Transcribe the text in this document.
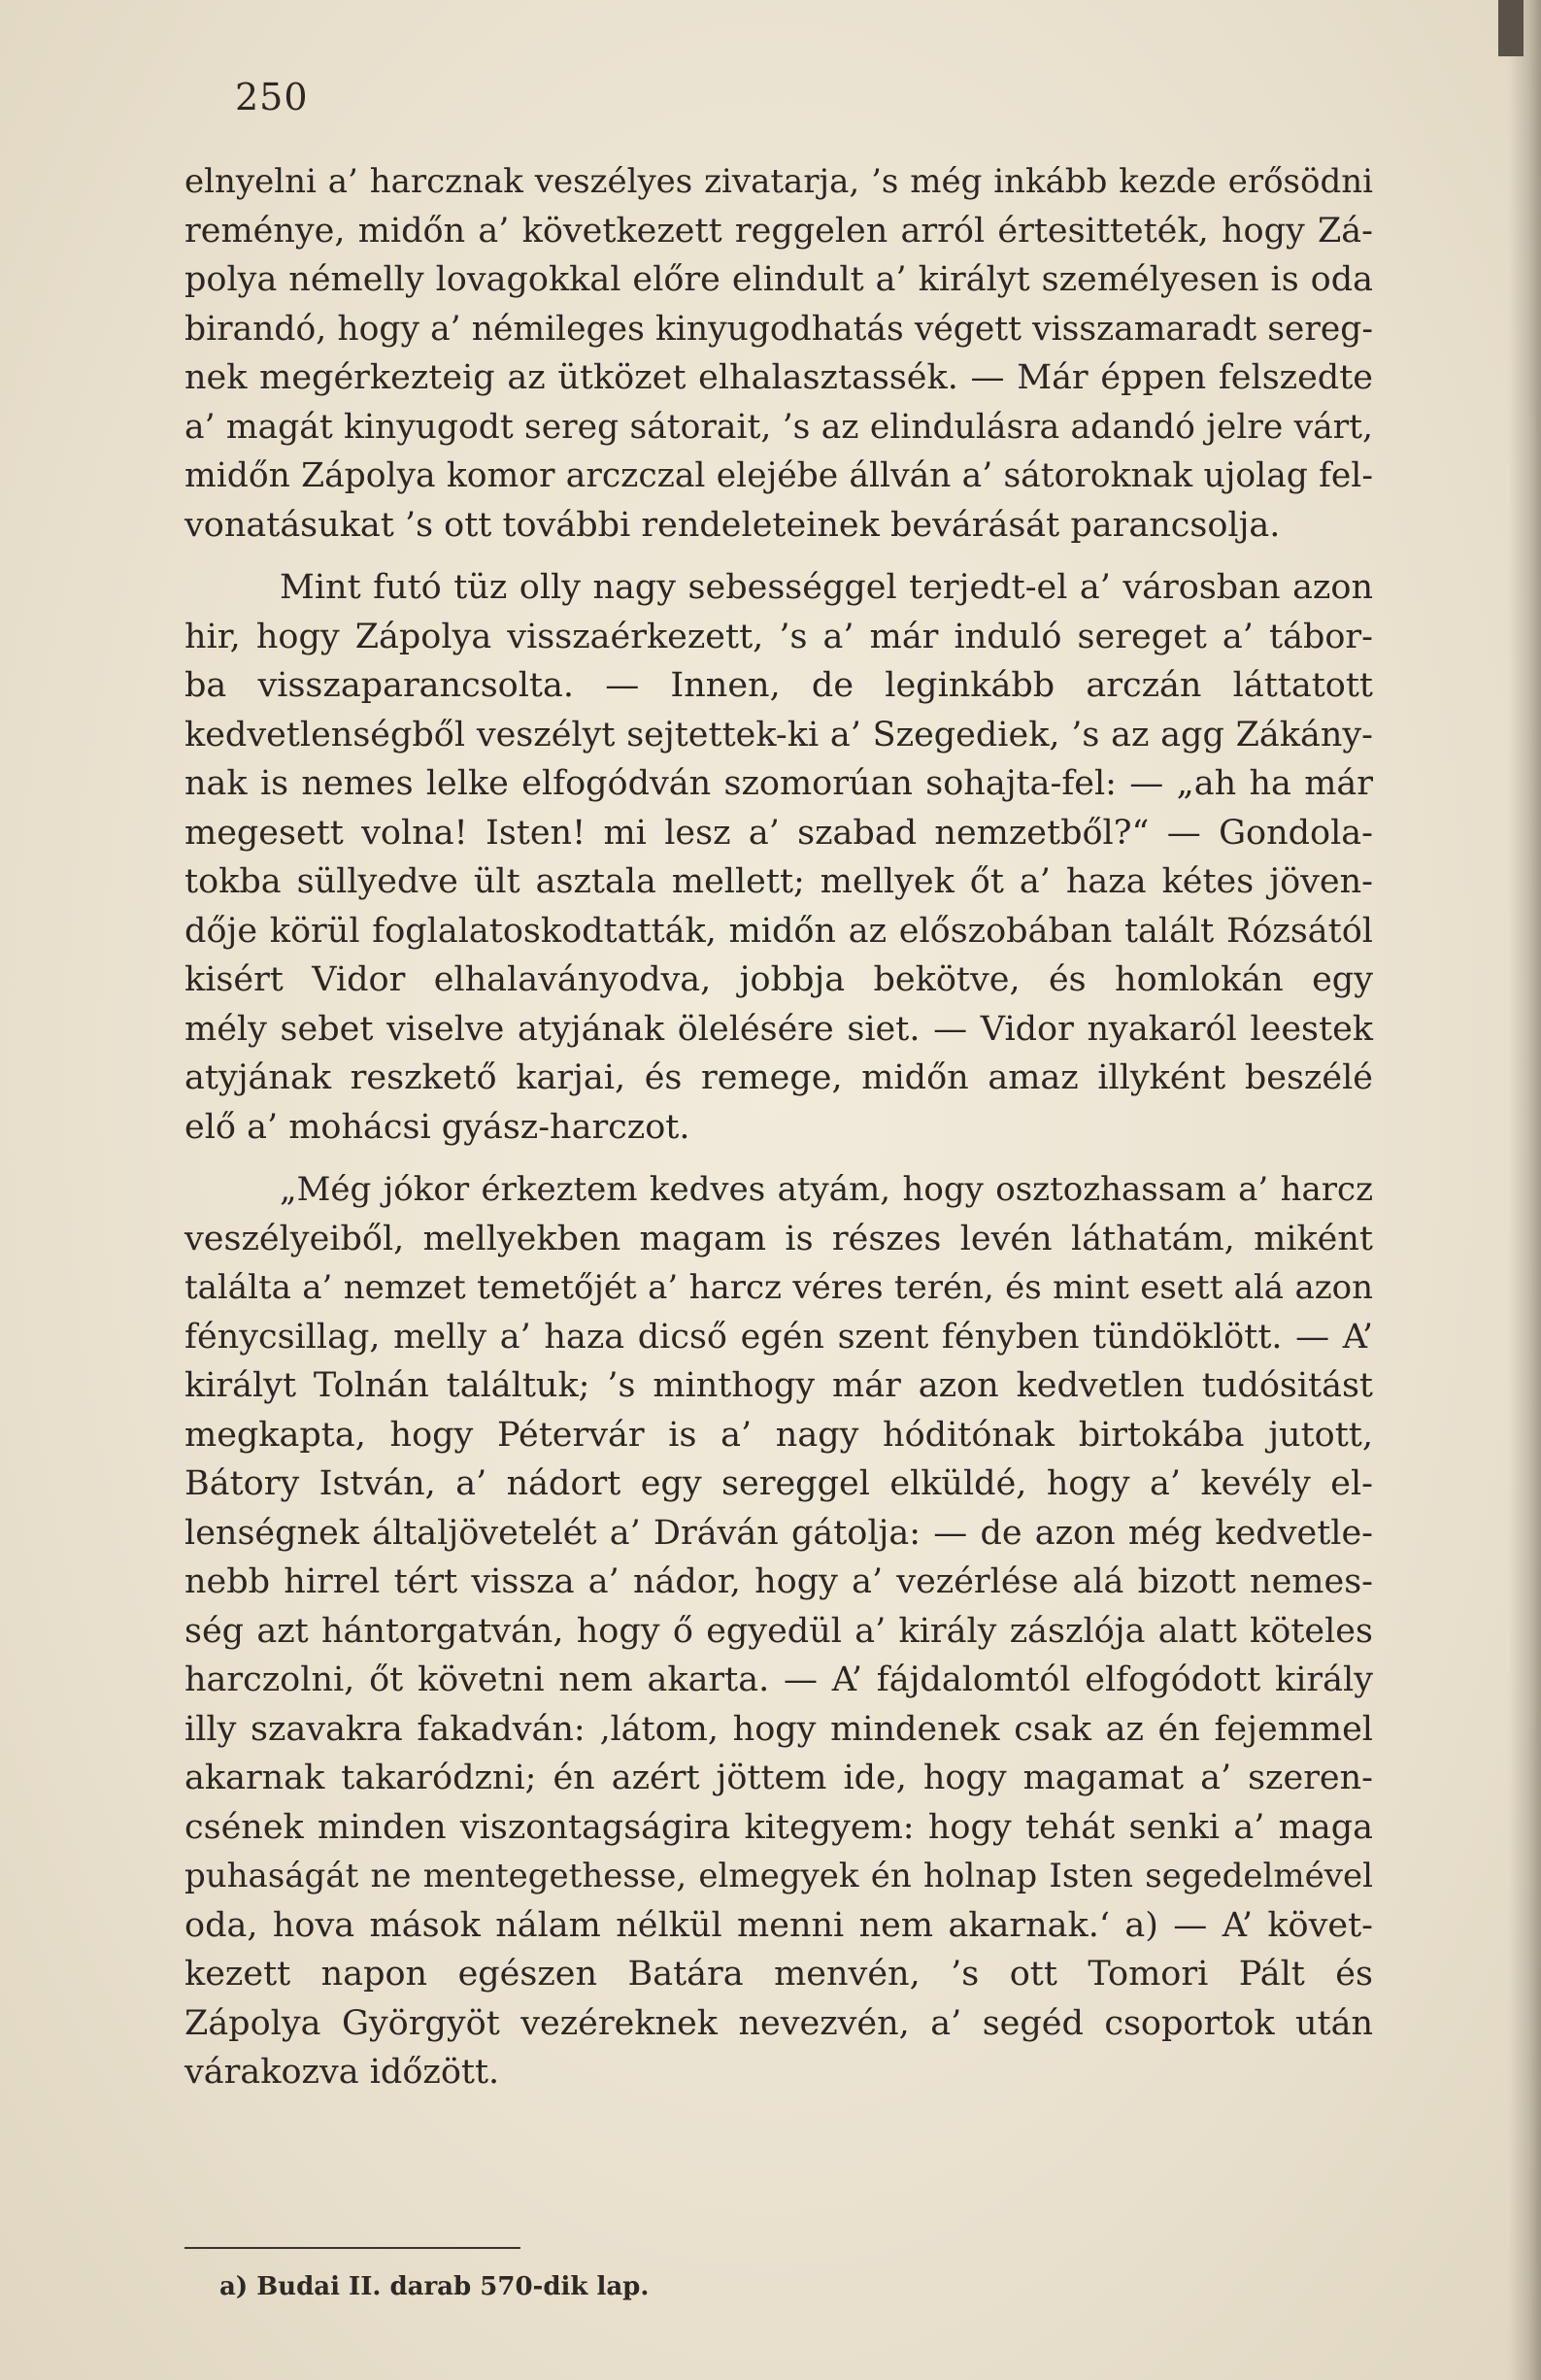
250
elnyelni a’ harcznak veszélyes zivatarja, ’s még inkább kezde erősödni
reménye, midőn a’ következett reggelen arról értesitteték, hogy Zá-
polya némelly lovagokkal előre elindult a’ királyt személyesen is oda
birandó, hogy a’ némileges kinyugodhatás végett visszamaradt sereg-
nek megérkezteig az ütközet elhalasztassék. — Már éppen felszedte
a’ magát kinyugodt sereg sátorait, ’s az elindulásra adandó jelre várt,
midőn Zápolya komor arczczal elejébe állván a’ sátoroknak ujolag fel-
vonatásukat ’s ott további rendeleteinek bevárását parancsolja.
Mint futó tüz olly nagy sebességgel terjedt-el a’ városban azon
hir, hogy Zápolya visszaérkezett, ’s a’ már induló sereget a’ tábor-
ba visszaparancsolta. — Innen, de leginkább arczán láttatott
kedvetlenségből veszélyt sejtettek-ki a’ Szegediek, ’s az agg Zákány-
nak is nemes lelke elfogódván szomorúan sohajta-fel: — „ah ha már
megesett volna! Isten! mi lesz a’ szabad nemzetből?“ — Gondola-
tokba süllyedve ült asztala mellett; mellyek őt a’ haza kétes jöven-
dője körül foglalatoskodtatták, midőn az előszobában talált Rózsától
kisért Vidor elhalaványodva, jobbja bekötve, és homlokán egy
mély sebet viselve atyjának ölelésére siet. — Vidor nyakaról leestek
atyjának reszkető karjai, és remege, midőn amaz illyként beszélé
elő a’ mohácsi gyász-harczot.
„Még jókor érkeztem kedves atyám, hogy osztozhassam a’ harcz
veszélyeiből, mellyekben magam is részes levén láthatám, miként
találta a’ nemzet temetőjét a’ harcz véres terén, és mint esett alá azon
fénycsillag, melly a’ haza dicső egén szent fényben tündöklött. — A’
királyt Tolnán találtuk; ’s minthogy már azon kedvetlen tudósitást
megkapta, hogy Pétervár is a’ nagy hóditónak birtokába jutott,
Bátory István, a’ nádort egy sereggel elküldé, hogy a’ kevély el-
lenségnek általjövetelét a’ Dráván gátolja: — de azon még kedvetle-
nebb hirrel tért vissza a’ nádor, hogy a’ vezérlése alá bizott nemes-
ség azt hántorgatván, hogy ő egyedül a’ király zászlója alatt köteles
harczolni, őt követni nem akarta. — A’ fájdalomtól elfogódott király
illy szavakra fakadván: ‚látom, hogy mindenek csak az én fejemmel
akarnak takaródzni; én azért jöttem ide, hogy magamat a’ szeren-
csének minden viszontagságira kitegyem: hogy tehát senki a’ maga
puhaságát ne mentegethesse, elmegyek én holnap Isten segedelmével
oda, hova mások nálam nélkül menni nem akarnak.‘ a) — A’ követ-
kezett napon egészen Batára menvén, ’s ott Tomori Pált és
Zápolya Györgyöt vezéreknek nevezvén, a’ segéd csoportok után
várakozva időzött.
a) Budai II. darab 570-dik lap.
